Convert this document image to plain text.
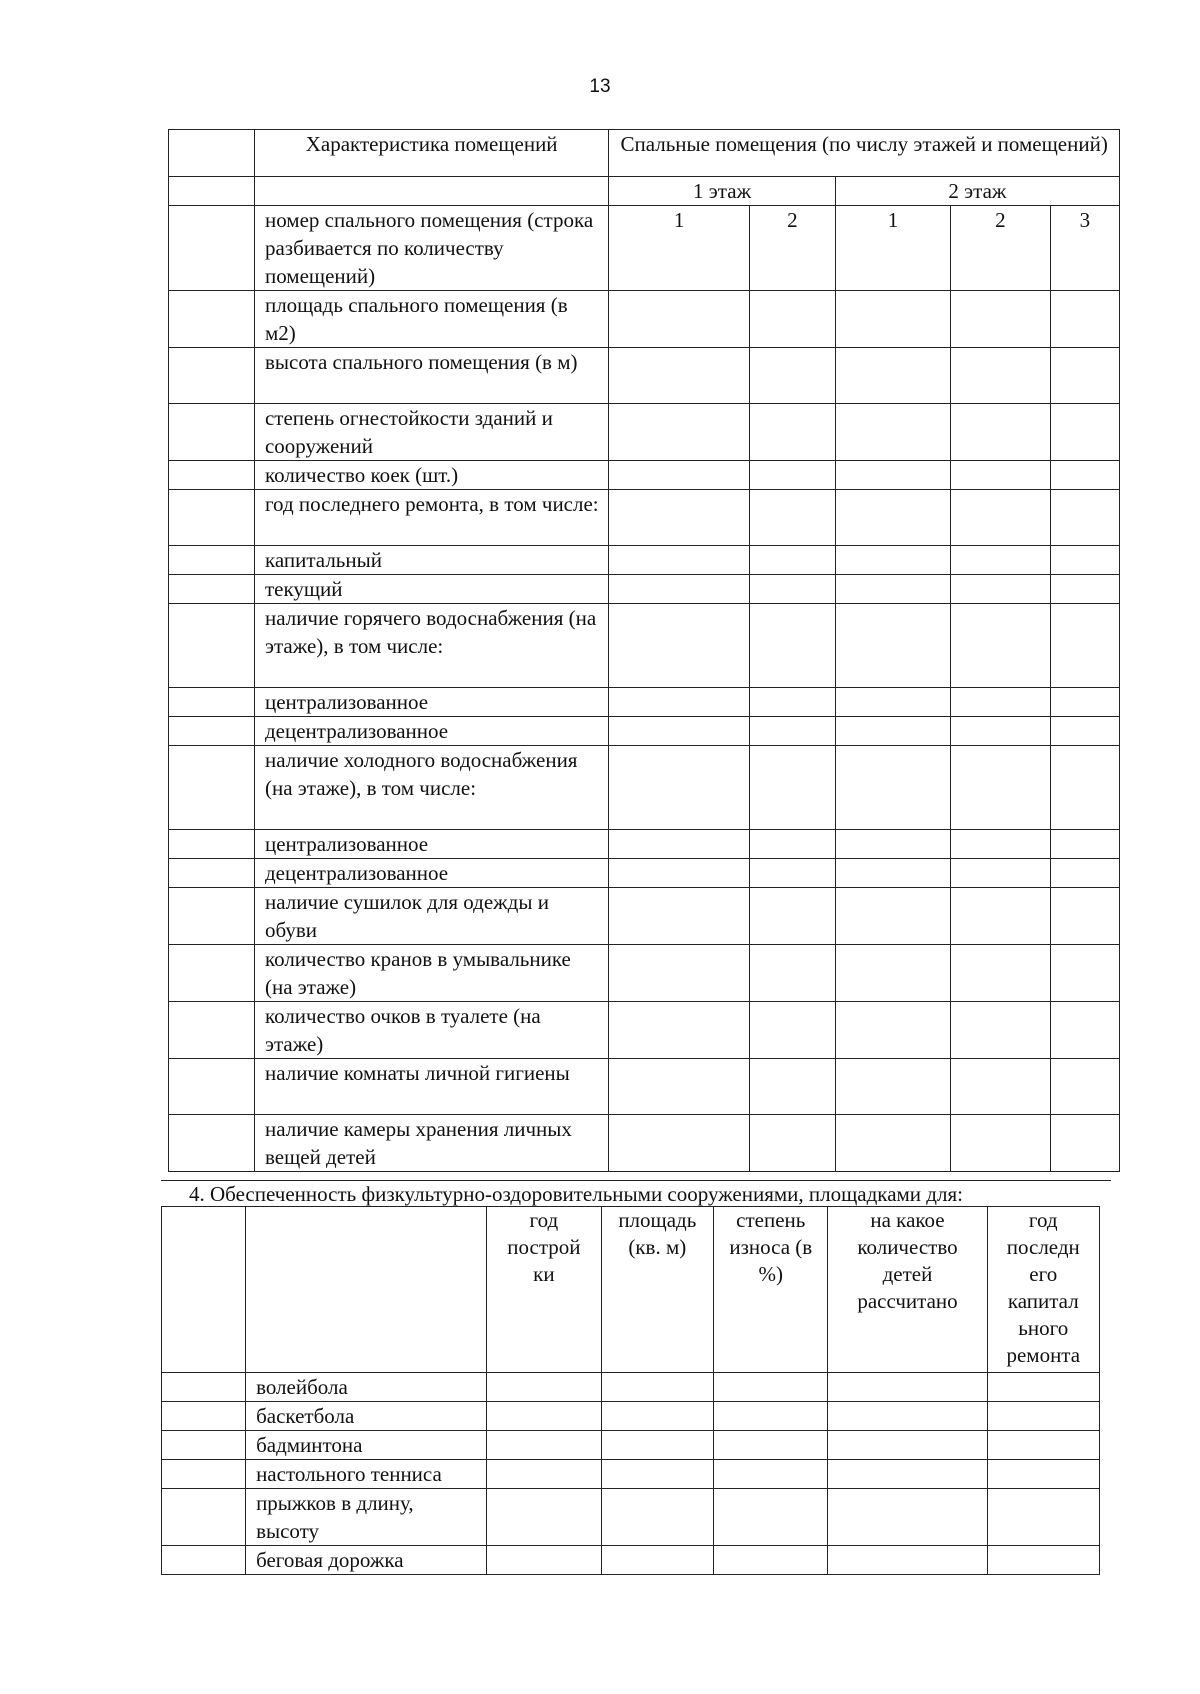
13
	Характеристика помещений	Спальные помещения (по числу этажей и помещений)				
		1 этаж		2 этаж		
	номер спального помещения (строка разбивается по количеству помещений)	1	2	1	2	3
	площадь спального помещения (в м2)					
	высота спального помещения (в м)					
	степень огнестойкости зданий и сооружений					
	количество коек (шт.)					
	год последнего ремонта, в том числе:					
	капитальный					
	текущий					
	наличие горячего водоснабжения (на этаже), в том числе:					
	централизованное					
	децентрализованное					
	наличие холодного водоснабжения (на этаже), в том числе:					
	централизованное					
	децентрализованное					
	наличие сушилок для одежды и обуви					
	количество кранов в умывальнике (на этаже)					
	количество очков в туалете (на этаже)					
	наличие комнаты личной гигиены					
	наличие камеры хранения личных вещей детей					
4. Обеспеченность физкультурно-оздоровительными сооружениями, площадками для:
		год построй ки	площадь (кв. м)	степень износа (в %)	на какое количество детей рассчитано	год последн его капитал ьного ремонта
	волейбола					
	баскетбола					
	бадминтона					
	настольного тенниса					
	прыжков в длину, высоту					
	беговая дорожка					
